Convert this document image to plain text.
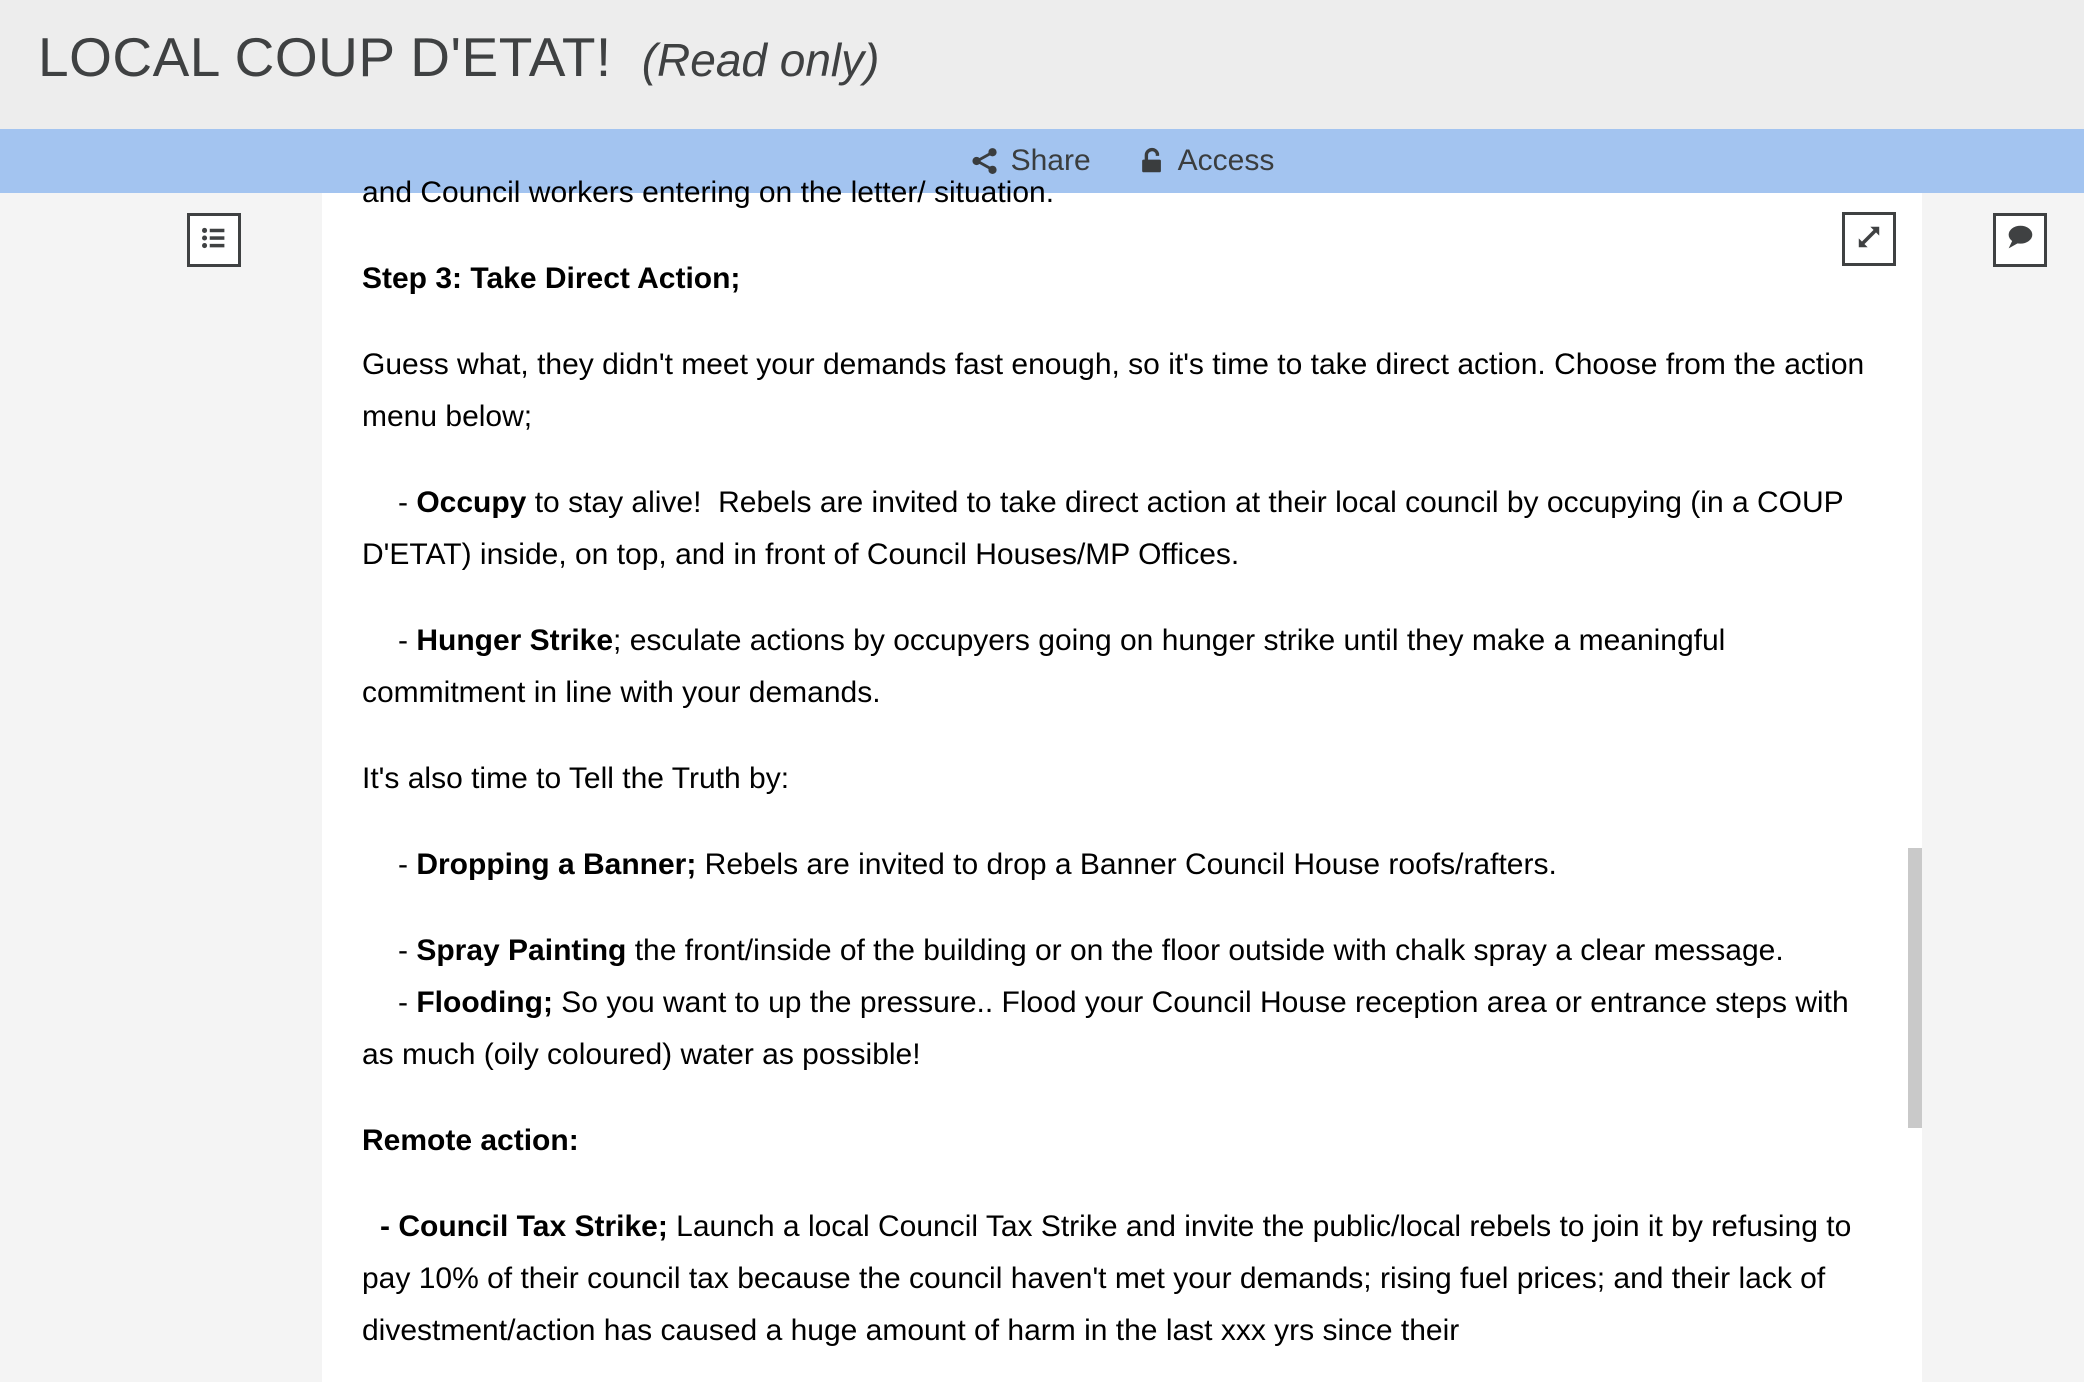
LOCAL COUP D'ETAT! (Read only)
Share	Access

and Council workers entering on the letter/ situation.

Step 3: Take Direct Action;

Guess what, they didn't meet your demands fast enough, so it's time to take direct action. Choose from the action menu below;

- Occupy to stay alive!  Rebels are invited to take direct action at their local council by occupying (in a COUP D'ETAT) inside, on top, and in front of Council Houses/MP Offices.

- Hunger Strike; esculate actions by occupyers going on hunger strike until they make a meaningful commitment in line with your demands.

It's also time to Tell the Truth by:

- Dropping a Banner; Rebels are invited to drop a Banner Council House roofs/rafters.

- Spray Painting the front/inside of the building or on the floor outside with chalk spray a clear message.

- Flooding; So you want to up the pressure.. Flood your Council House reception area or entrance steps with as much (oily coloured) water as possible!

Remote action:

- Council Tax Strike; Launch a local Council Tax Strike and invite the public/local rebels to join it by refusing to pay 10% of their council tax because the council haven't met your demands; rising fuel prices; and their lack of divestment/action has caused a huge amount of harm in the last xxx yrs since their
